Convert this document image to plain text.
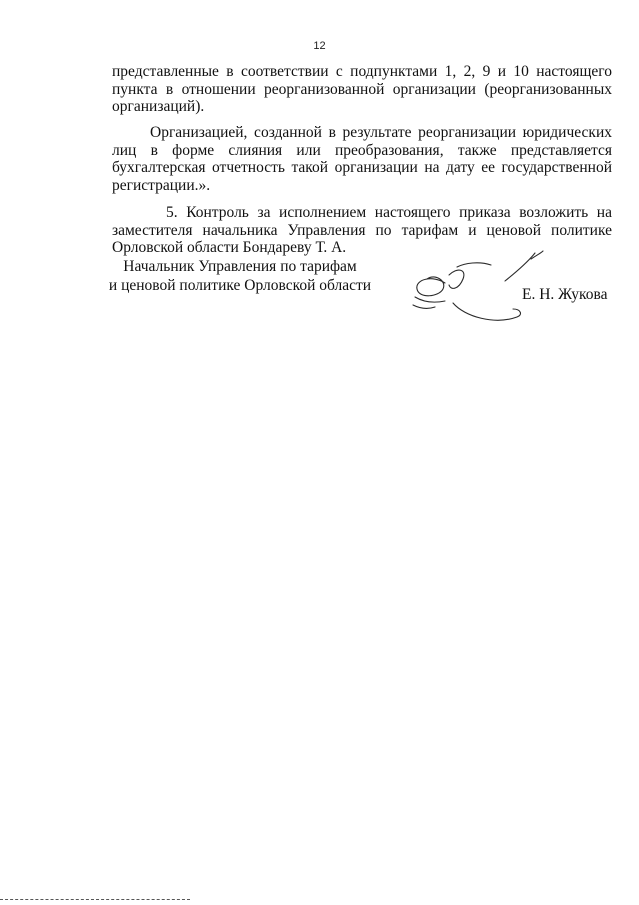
12
представленные в соответствии с подпунктами 1, 2, 9 и 10 настоящего пункта в отношении реорганизованной организации (реорганизованных организаций).
Организацией, созданной в результате реорганизации юридических лиц в форме слияния или преобразования, также представляется бухгалтерская отчетность такой организации на дату ее государственной регистрации.».
5. Контроль за исполнением настоящего приказа возложить на заместителя начальника Управления по тарифам и ценовой политике Орловской области Бондареву Т. А.
Начальник Управления по тарифам
и ценовой политике Орловской области
Е. Н. Жукова
